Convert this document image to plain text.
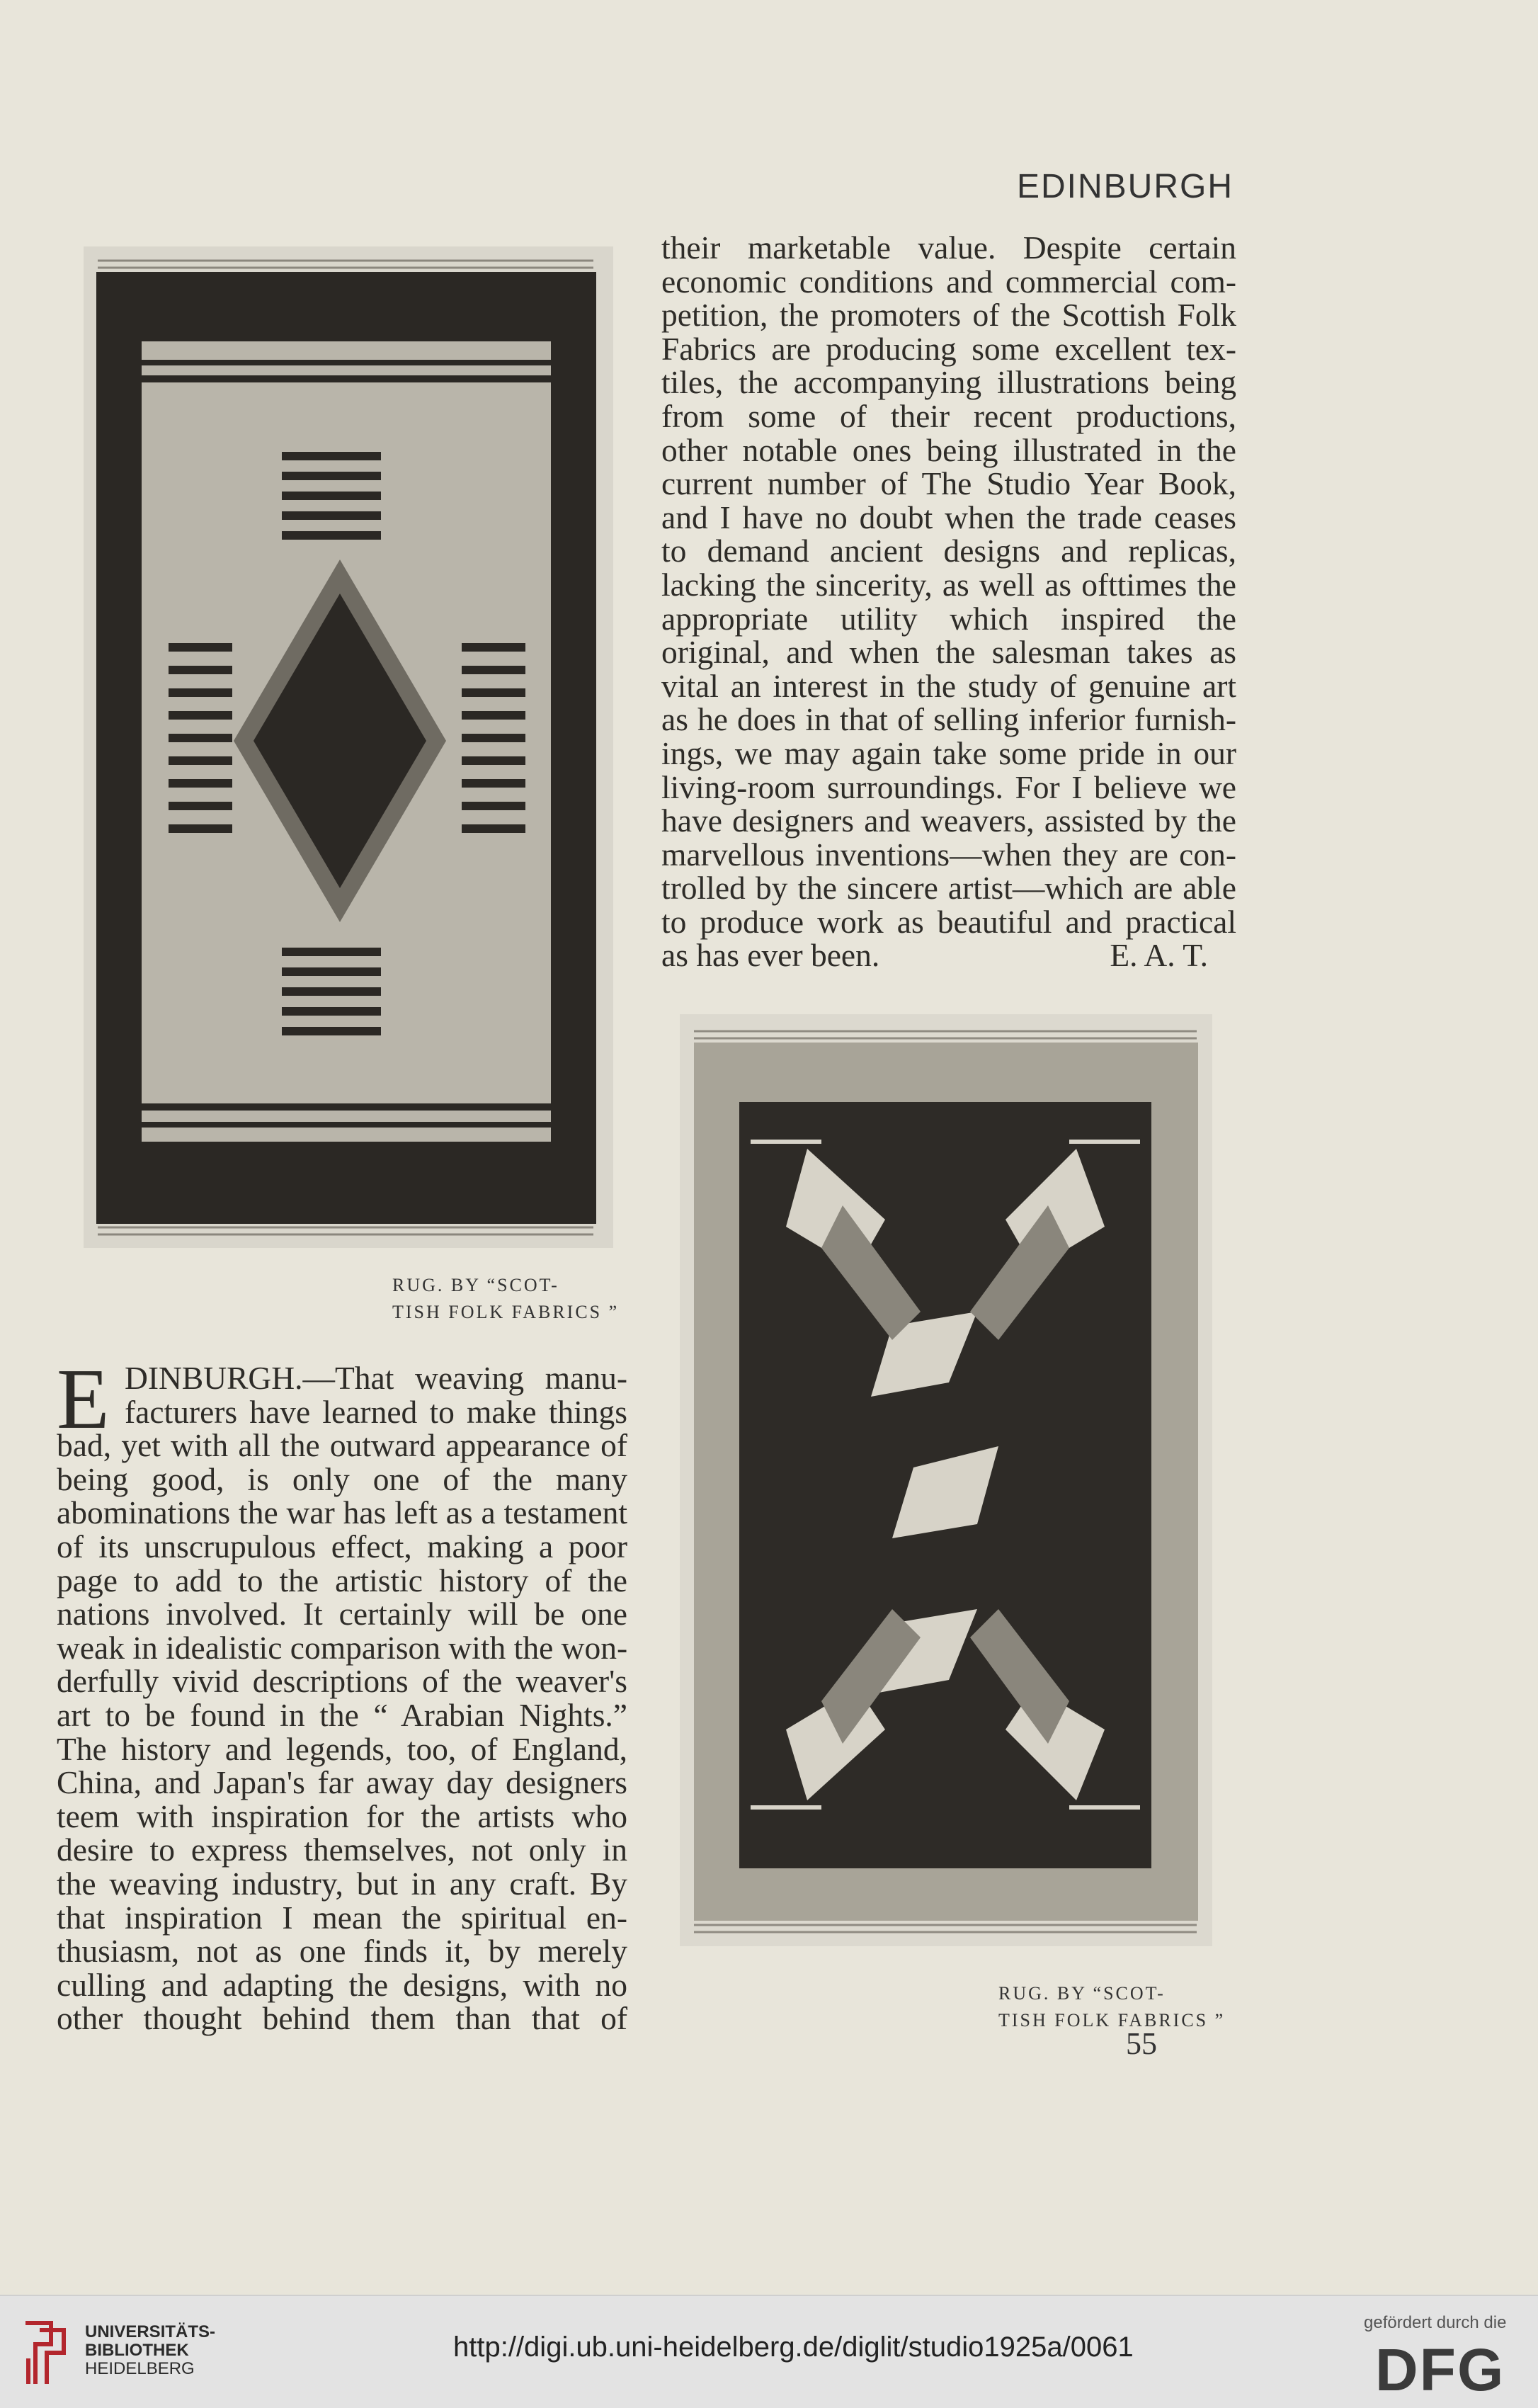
EDINBURGH
their marketable value. Despite certain
economic conditions and commercial com-
petition, the promoters of the Scottish Folk
Fabrics are producing some excellent tex-
tiles, the accompanying illustrations being
from some of their recent productions,
other notable ones being illustrated in the
current number of The Studio Year Book,
and I have no doubt when the trade ceases
to demand ancient designs and replicas,
lacking the sincerity, as well as ofttimes the
appropriate utility which inspired the
original, and when the salesman takes as
vital an interest in the study of genuine art
as he does in that of selling inferior furnish-
ings, we may again take some pride in our
living-room surroundings. For I believe we
have designers and weavers, assisted by the
marvellous inventions—when they are con-
trolled by the sincere artist—which are able
to produce work as beautiful and practical
as has ever been.	E. A. T.
RUG. BY “SCOT-
TISH FOLK FABRICS ”
RUG. BY “SCOT-
TISH FOLK FABRICS ”
E DINBURGH.—That weaving manu-
facturers have learned to make things
bad, yet with all the outward appearance of
being good, is only one of the many
abominations the war has left as a testament
of its unscrupulous effect, making a poor
page to add to the artistic history of the
nations involved. It certainly will be one
weak in idealistic comparison with the won-
derfully vivid descriptions of the weaver's
art to be found in the “ Arabian Nights.”
The history and legends, too, of England,
China, and Japan's far away day designers
teem with inspiration for the artists who
desire to express themselves, not only in
the weaving industry, but in any craft. By
that inspiration I mean the spiritual en-
thusiasm, not as one finds it, by merely
culling and adapting the designs, with no
other thought behind them than that of
55
UNIVERSITÄTS-
BIBLIOTHEK
HEIDELBERG
http://digi.ub.uni-heidelberg.de/diglit/studio1925a/0061
gefördert durch die
DFG
